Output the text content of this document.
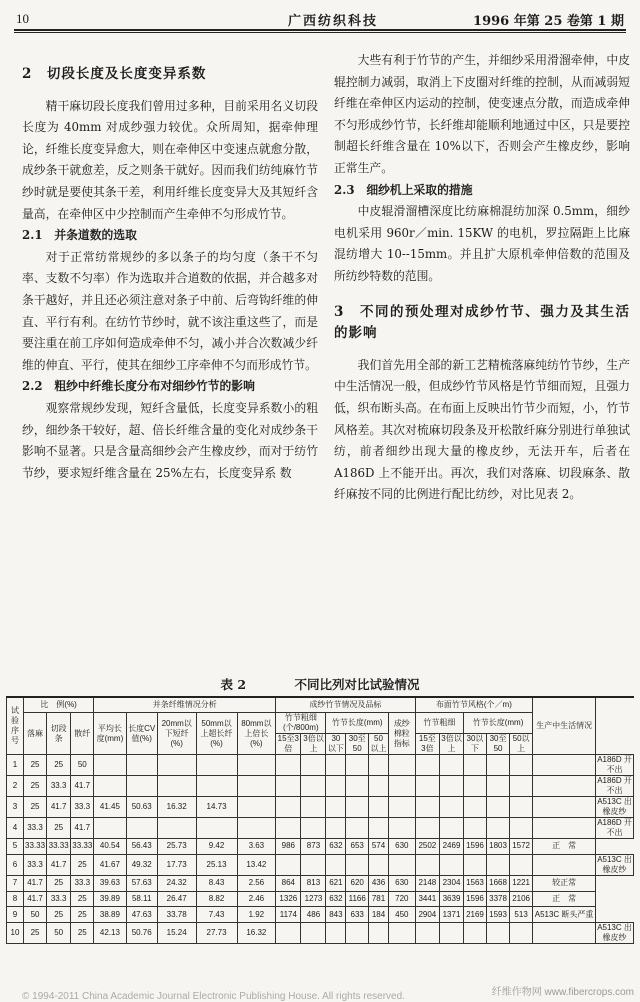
10	广西纺织科技	1996 年第 25 卷第 1 期

2　切段长度及长度变异系数

精干麻切段长度我们曾用过多种，目前采用名义切段长度为 40mm 对成纱强力较优。众所周知，据牵伸理论，纤维长度变异愈大，则在牵伸区中变速点就愈分散，成纱条干就愈差，反之则条干就好。因而我们纺纯麻竹节纱时就是要使其条干差，利用纤维长度变异大及其短纤含量高，在牵伸区中少控制而产生牵伸不匀形成竹节。

2.1　并条道数的选取

对于正常纺常规纱的多以条子的均匀度（条干不匀率、支数不匀率）作为选取并合道数的依据，并合越多对条干越好，并且还必须注意对条子中前、后弯钩纤维的伸直、平行有利。在纺竹节纱时，就不该注重这些了，而是要注重在前工序如何造成牵伸不匀，减小并合次数减少纤维的伸直、平行，使其在细纱工序牵伸不匀而形成竹节。

2.2　粗纱中纤维长度分布对细纱竹节的影响

观察常规纱发现，短纤含量低，长度变异系数小的粗纱，细纱条干较好，超、倍长纤维含量的变化对成纱条干影响不显著。只是含量高细纱会产生橡皮纱，而对于纺竹节纱，要求短纤维含量在 25%左右，长度变异系 数

大些有利于竹节的产生，并细纱采用滑溜牵伸，中皮辊控制力减弱，取消上下皮圈对纤维的控制，从而减弱短纤维在牵伸区内运动的控制，使变速点分散，而造成牵伸不匀形成纱竹节，长纤维却能顺利地通过中区，只是要控制超长纤维含量在 10%以下，否则会产生橡皮纱，影响正常生产。

2.3　细纱机上采取的措施

中皮辊滑溜槽深度比纺麻棉混纺加深 0.5mm，细纱电机采用 960r／min. 15KW 的电机，罗拉隔距上比麻混纺增大 10--15mm。并且扩大原机牵伸倍数的范围及所纺纱特数的范围。

3　不同的预处理对成纱竹节、强力及其生活的影响

我们首先用全部的新工艺精梳落麻纯纺竹节纱，生产中生活情况一般，但成纱竹节风格是竹节细而短，且强力低，织布断头高。在布面上反映出竹节少而短，小，竹节风格差。其次对梳麻切段条及开松散纤麻分别进行单独试纺，前者细纱出现大量的橡皮纱，无法开车，后者在 A186D 上不能开出。再次，我们对落麻、切段麻条、散纤麻按不同的比例进行配比纺纱，对比见表 2。

表 2	不同比列对比试验情况
试验序号	比　例(%)			并条纤维情况分析					成纱竹节情况及品标						布面竹节风格(个／m)					生产中生活情况	
	落麻	切段条	散纤	平均长度(mm)	长度CV值(%)	20mm以下短纤(%)	50mm以上超长纤(%)	80mm以上倍长(%)	竹节粗细(个/800m)		竹节长度(mm)			成纱棉粒指标	竹节粗细		竹节长度(mm)				
									15至3倍	3倍以上	30以下	30至50	50以上		15至3倍	3倍以上	30以下	30至50	50以上		
1	25	25	50																		A186D 开不出
2	25	33.3	41.7																		A186D 开不出
3	25	41.7	33.3	41.45	50.63	16.32	14.73														A513C 出橡皮纱
4	33.3	25	41.7																		A186D 开不出
5	33.33	33.33	33.33	40.54	56.43	25.73	9.42	3.63	986	873	632	653	574	630	2502	2469	1596	1803	1572	正　常	
6	33.3	41.7	25	41.67	49.32	17.73	25.13	13.42													A513C 出橡皮纱
7	41.7	25	33.3	39.63	57.63	24.32	8.43	2.56	864	813	621	620	436	630	2148	2304	1563	1668	1221	较正常	
8	41.7	33.3	25	39.89	58.11	26.47	8.82	2.46	1326	1273	632	1166	781	720	3441	3639	1596	3378	2106	正　常	
9	50	25	25	38.89	47.63	33.78	7.43	1.92	1174	486	843	633	184	450	2904	1371	2169	1593	513	A513C 断头严重	
10	25	50	25	42.13	50.76	15.24	27.73	16.32													A513C 出橡皮纱
纤维作物网 www.fibercrops.com
© 1994-2011 China Academic Journal Electronic Publishing House. All rights reserved.
